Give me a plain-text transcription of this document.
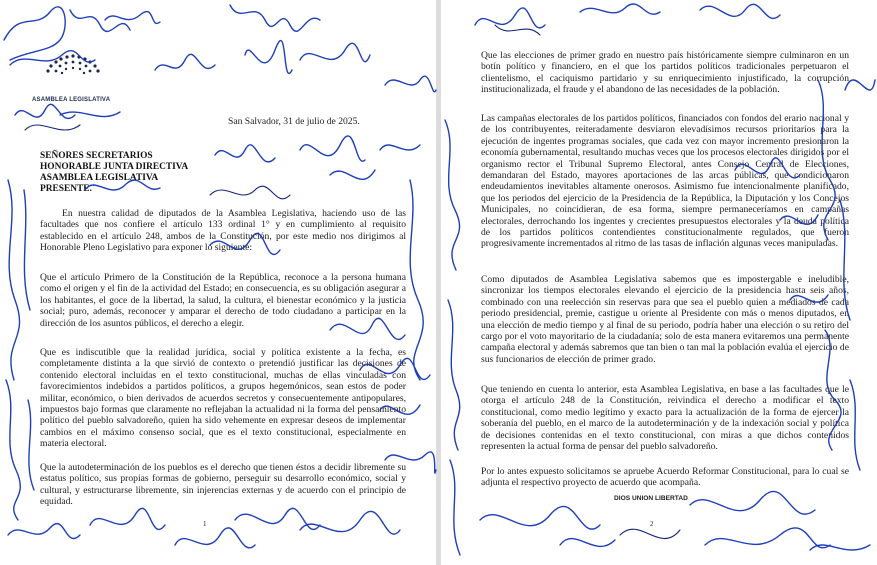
ASAMBLEA LEGISLATIVA
San Salvador, 31 de julio de 2025.

SEÑORES SECRETARIOS

HONORABLE JUNTA DIRECTIVA

ASAMBLEA LEGISLATIVA

PRESENTE.

En nuestra calidad de diputados de la Asamblea Legislativa, haciendo uso de las facultades que nos confiere el artículo 133 ordinal 1° y en cumplimiento al requisito establecido en el artículo 248, ambos de la Constitución, por este medio nos dirigimos al Honorable Pleno Legislativo para exponer lo siguiente:

Que el artículo Primero de la Constitución de la República, reconoce a la persona humana como el origen y el fin de la actividad del Estado; en consecuencia, es su obligación asegurar a los habitantes, el goce de la libertad, la salud, la cultura, el bienestar económico y la justicia social; puro, además, reconocer y amparar el derecho de todo ciudadano a participar en la dirección de los asuntos públicos, el derecho a elegir.

Que es indiscutible que la realidad jurídica, social y política existente a la fecha, es completamente distinta a la que sirvió de contexto o pretendió justificar las decisiones de contenido electoral incluidas en el texto constitucional, muchas de ellas vinculadas con favorecimientos indebidos a partidos políticos, a grupos hegemónicos, sean estos de poder militar, económico, o bien derivados de acuerdos secretos y consecuentemente antipopulares, impuestos bajo formas que claramente no reflejaban la actualidad ni la forma del pensamiento político del pueblo salvadoreño, quien ha sido vehemente en expresar deseos de implementar cambios en el máximo consenso social, que es el texto constitucional, especialmente en materia electoral.

Que la autodeterminación de los pueblos es el derecho que tienen éstos a decidir libremente su estatus político, sus propias formas de gobierno, perseguir su desarrollo económico, social y cultural, y estructurarse libremente, sin injerencias externas y de acuerdo con el principio de equidad.

1

Que las elecciones de primer grado en nuestro país históricamente siempre culminaron en un botín político y financiero, en el que los partidos políticos tradicionales perpetuaron el clientelismo, el caciquismo partidario y su enriquecimiento injustificado, la corrupción institucionalizada, el fraude y el abandono de las necesidades de la población.

Las campañas electorales de los partidos políticos, financiados con fondos del erario nacional y de los contribuyentes, reiteradamente desviaron elevadísimos recursos prioritarios para la ejecución de ingentes programas sociales, que cada vez con mayor incremento presionaron la economía gubernamental, resultando muchas veces que los procesos electorales dirigidos por el organismo rector el Tribunal Supremo Electoral, antes Consejo Central de Elecciones, demandaran del Estado, mayores aportaciones de las arcas públicas, que condicionaron endeudamientos inevitables altamente onerosos. Asimismo fue intencionalmente planificado, que los periodos del ejercicio de la Presidencia de la República, la Diputación y los Concejos Municipales, no coincidieran, de esa forma, siempre permaneceríamos en campañas electorales, derrochando los ingentes y crecientes presupuestos electorales y la deuda política de los partidos políticos contendientes constitucionalmente regulados, que fueron progresivamente incrementados al ritmo de las tasas de inflación algunas veces manipuladas.

Como diputados de Asamblea Legislativa sabemos que es impostergable e ineludible, sincronizar los tiempos electorales elevando el ejercicio de la presidencia hasta seis años, combinado con una reelección sin reservas para que sea el pueblo quien a mediados de cada periodo presidencial, premie, castigue u oriente al Presidente con más o menos diputados, en una elección de medio tiempo y al final de su periodo, podría haber una elección o su retiro del cargo por el voto mayoritario de la ciudadanía; solo de esta manera evitaremos una permanente campaña electoral y además sabremos que tan bien o tan mal la población evalúa el ejercicio de sus funcionarios de elección de primer grado.

Que teniendo en cuenta lo anterior, esta Asamblea Legislativa, en base a las facultades que le otorga el artículo 248 de la Constitución, reivindica el derecho a modificar el texto constitucional, como medio legítimo y exacto para la actualización de la forma de ejercer la soberanía del pueblo, en el marco de la autodeterminación y de la indexación social y política de decisiones contenidas en el texto constitucional, con miras a que dichos contenidos representen la actual forma de pensar del pueblo salvadoreño.

Por lo antes expuesto solicitamos se apruebe Acuerdo Reformar Constitucional, para lo cual se adjunta el respectivo proyecto de acuerdo que acompaña.

DIOS UNION LIBERTAD
2
